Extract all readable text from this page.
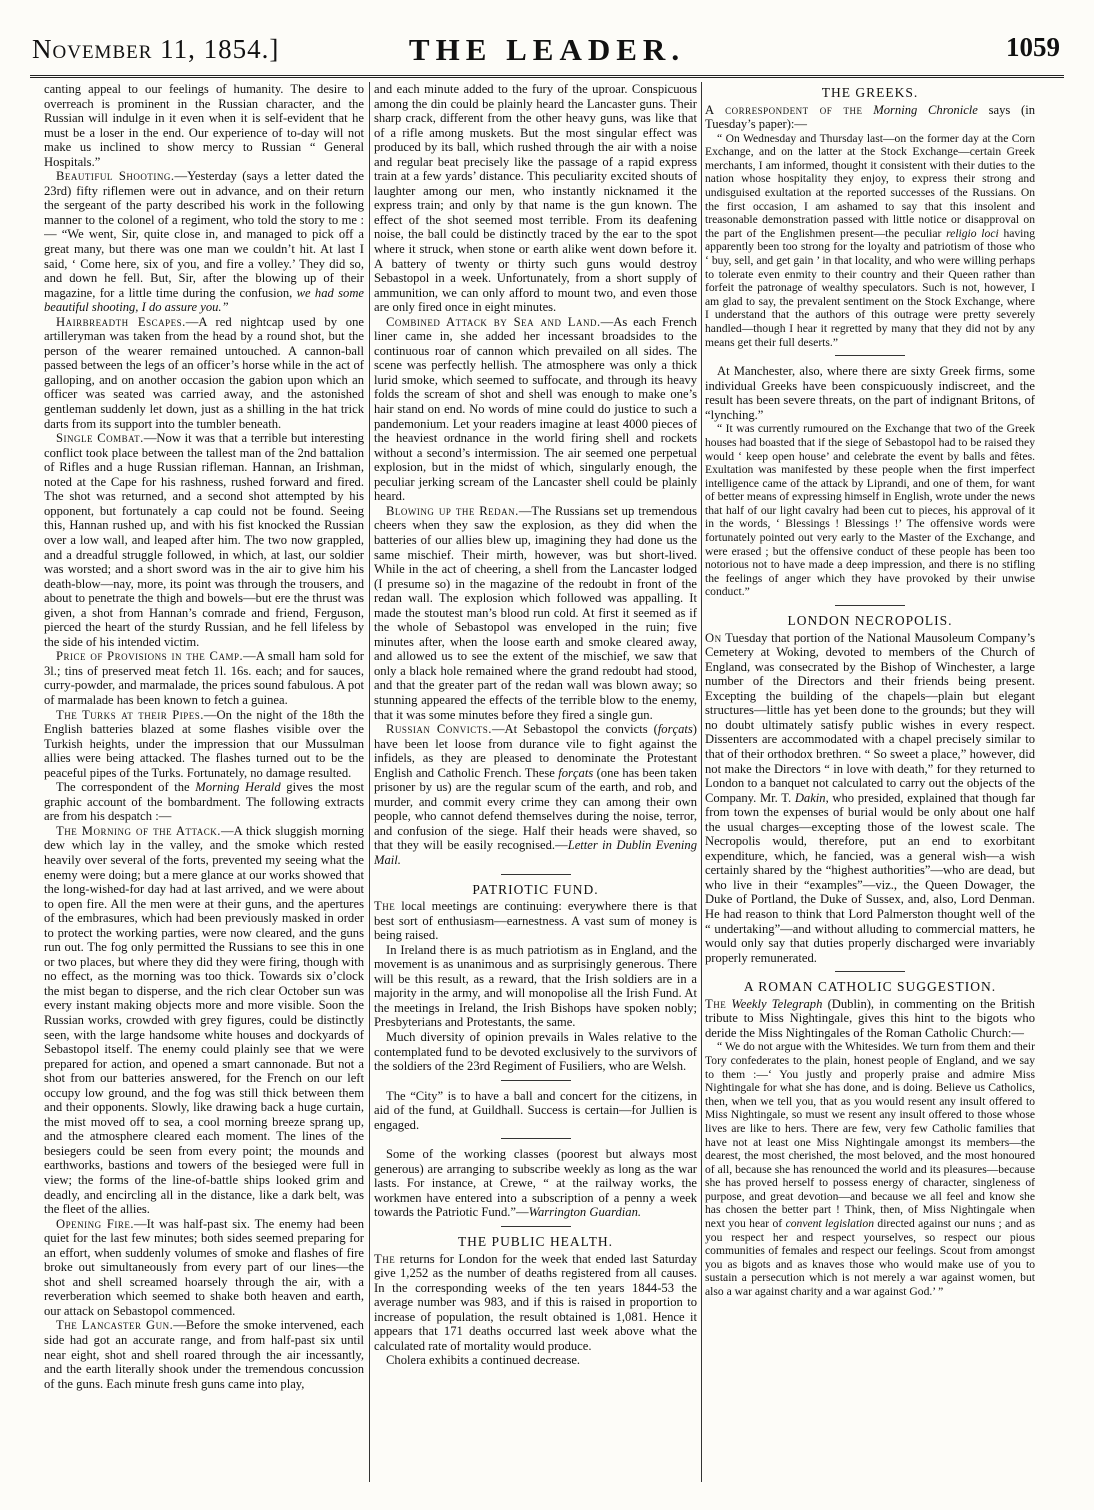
November 11, 1854.]	THE LEADER.	1059

canting appeal to our feelings of humanity. The desire to overreach is prominent in the Russian character, and the Russian will indulge in it even when it is self-evident that he must be a loser in the end. Our experience of to-day will not make us inclined to show mercy to Russian “ General Hospitals.”

Beautiful Shooting.—Yesterday (says a letter dated the 23rd) fifty riflemen were out in advance, and on their return the sergeant of the party described his work in the following manner to the colonel of a regiment, who told the story to me :— “We went, Sir, quite close in, and managed to pick off a great many, but there was one man we couldn’t hit. At last I said, ‘ Come here, six of you, and fire a volley.’ They did so, and down he fell. But, Sir, after the blowing up of their magazine, for a little time during the confusion, we had some beautiful shooting, I do assure you.”

Hairbreadth Escapes.—A red nightcap used by one artilleryman was taken from the head by a round shot, but the person of the wearer remained untouched. A cannon-ball passed between the legs of an officer’s horse while in the act of galloping, and on another occasion the gabion upon which an officer was seated was carried away, and the astonished gentleman suddenly let down, just as a shilling in the hat trick darts from its support into the tumbler beneath.

Single Combat.—Now it was that a terrible but interesting conflict took place between the tallest man of the 2nd battalion of Rifles and a huge Russian rifleman. Hannan, an Irishman, noted at the Cape for his rashness, rushed forward and fired. The shot was returned, and a second shot attempted by his opponent, but fortunately a cap could not be found. Seeing this, Hannan rushed up, and with his fist knocked the Russian over a low wall, and leaped after him. The two now grappled, and a dreadful struggle followed, in which, at last, our soldier was worsted; and a short sword was in the air to give him his death-blow—nay, more, its point was through the trousers, and about to penetrate the thigh and bowels—but ere the thrust was given, a shot from Hannan’s comrade and friend, Ferguson, pierced the heart of the sturdy Russian, and he fell lifeless by the side of his intended victim.

Price of Provisions in the Camp.—A small ham sold for 3l.; tins of preserved meat fetch 1l. 16s. each; and for sauces, curry-powder, and marmalade, the prices sound fabulous. A pot of marmalade has been known to fetch a guinea.

The Turks at their Pipes.—On the night of the 18th the English batteries blazed at some flashes visible over the Turkish heights, under the impression that our Mussulman allies were being attacked. The flashes turned out to be the peaceful pipes of the Turks. Fortunately, no damage resulted.

The correspondent of the Morning Herald gives the most graphic account of the bombardment. The following extracts are from his despatch :—

The Morning of the Attack.—A thick sluggish morning dew which lay in the valley, and the smoke which rested heavily over several of the forts, prevented my seeing what the enemy were doing; but a mere glance at our works showed that the long-wished-for day had at last arrived, and we were about to open fire. All the men were at their guns, and the apertures of the embrasures, which had been previously masked in order to protect the working parties, were now cleared, and the guns run out. The fog only permitted the Russians to see this in one or two places, but where they did they were firing, though with no effect, as the morning was too thick. Towards six o’clock the mist began to disperse, and the rich clear October sun was every instant making objects more and more visible. Soon the Russian works, crowded with grey figures, could be distinctly seen, with the large handsome white houses and dockyards of Sebastopol itself. The enemy could plainly see that we were prepared for action, and opened a smart cannonade. But not a shot from our batteries answered, for the French on our left occupy low ground, and the fog was still thick between them and their opponents. Slowly, like drawing back a huge curtain, the mist moved off to sea, a cool morning breeze sprang up, and the atmosphere cleared each moment. The lines of the besiegers could be seen from every point; the mounds and earthworks, bastions and towers of the besieged were full in view; the forms of the line-of-battle ships looked grim and deadly, and encircling all in the distance, like a dark belt, was the fleet of the allies.

Opening Fire.—It was half-past six. The enemy had been quiet for the last few minutes; both sides seemed preparing for an effort, when suddenly volumes of smoke and flashes of fire broke out simultaneously from every part of our lines—the shot and shell screamed hoarsely through the air, with a reverberation which seemed to shake both heaven and earth, our attack on Sebastopol commenced.

The Lancaster Gun.—Before the smoke intervened, each side had got an accurate range, and from half-past six until near eight, shot and shell roared through the air incessantly, and the earth literally shook under the tremendous concussion of the guns. Each minute fresh guns came into play,

and each minute added to the fury of the uproar. Conspicuous among the din could be plainly heard the Lancaster guns. Their sharp crack, different from the other heavy guns, was like that of a rifle among muskets. But the most singular effect was produced by its ball, which rushed through the air with a noise and regular beat precisely like the passage of a rapid express train at a few yards’ distance. This peculiarity excited shouts of laughter among our men, who instantly nicknamed it the express train; and only by that name is the gun known. The effect of the shot seemed most terrible. From its deafening noise, the ball could be distinctly traced by the ear to the spot where it struck, when stone or earth alike went down before it. A battery of twenty or thirty such guns would destroy Sebastopol in a week. Unfortunately, from a short supply of ammunition, we can only afford to mount two, and even those are only fired once in eight minutes.

Combined Attack by Sea and Land.—As each French liner came in, she added her incessant broadsides to the continuous roar of cannon which prevailed on all sides. The scene was perfectly hellish. The atmosphere was only a thick lurid smoke, which seemed to suffocate, and through its heavy folds the scream of shot and shell was enough to make one’s hair stand on end. No words of mine could do justice to such a pandemonium. Let your readers imagine at least 4000 pieces of the heaviest ordnance in the world firing shell and rockets without a second’s intermission. The air seemed one perpetual explosion, but in the midst of which, singularly enough, the peculiar jerking scream of the Lancaster shell could be plainly heard.

Blowing up the Redan.—The Russians set up tremendous cheers when they saw the explosion, as they did when the batteries of our allies blew up, imagining they had done us the same mischief. Their mirth, however, was but short-lived. While in the act of cheering, a shell from the Lancaster lodged (I presume so) in the magazine of the redoubt in front of the redan wall. The explosion which followed was appalling. It made the stoutest man’s blood run cold. At first it seemed as if the whole of Sebastopol was enveloped in the ruin; five minutes after, when the loose earth and smoke cleared away, and allowed us to see the extent of the mischief, we saw that only a black hole remained where the grand redoubt had stood, and that the greater part of the redan wall was blown away; so stunning appeared the effects of the terrible blow to the enemy, that it was some minutes before they fired a single gun.

Russian Convicts.—At Sebastopol the convicts (forçats) have been let loose from durance vile to fight against the infidels, as they are pleased to denominate the Protestant English and Catholic French. These forçats (one has been taken prisoner by us) are the regular scum of the earth, and rob, and murder, and commit every crime they can among their own people, who cannot defend themselves during the noise, terror, and confusion of the siege. Half their heads were shaved, so that they will be easily recognised.—Letter in Dublin Evening Mail.

PATRIOTIC FUND.

The local meetings are continuing: everywhere there is that best sort of enthusiasm—earnestness. A vast sum of money is being raised.

In Ireland there is as much patriotism as in England, and the movement is as unanimous and as surprisingly generous. There will be this result, as a reward, that the Irish soldiers are in a majority in the army, and will monopolise all the Irish Fund. At the meetings in Ireland, the Irish Bishops have spoken nobly; Presbyterians and Protestants, the same.

Much diversity of opinion prevails in Wales relative to the contemplated fund to be devoted exclusively to the survivors of the soldiers of the 23rd Regiment of Fusiliers, who are Welsh.

The “City” is to have a ball and concert for the citizens, in aid of the fund, at Guildhall. Success is certain—for Jullien is engaged.

Some of the working classes (poorest but always most generous) are arranging to subscribe weekly as long as the war lasts. For instance, at Crewe, “ at the railway works, the workmen have entered into a subscription of a penny a week towards the Patriotic Fund.”—Warrington Guardian.

THE PUBLIC HEALTH.

The returns for London for the week that ended last Saturday give 1,252 as the number of deaths registered from all causes. In the corresponding weeks of the ten years 1844-53 the average number was 983, and if this is raised in proportion to increase of population, the result obtained is 1,081. Hence it appears that 171 deaths occurred last week above what the calculated rate of mortality would produce.

Cholera exhibits a continued decrease.

THE GREEKS.

A correspondent of the Morning Chronicle says (in Tuesday’s paper):—

“ On Wednesday and Thursday last—on the former day at the Corn Exchange, and on the latter at the Stock Exchange—certain Greek merchants, I am informed, thought it consistent with their duties to the nation whose hospitality they enjoy, to express their strong and undisguised exultation at the reported successes of the Russians. On the first occasion, I am ashamed to say that this insolent and treasonable demonstration passed with little notice or disapproval on the part of the Englishmen present—the peculiar religio loci having apparently been too strong for the loyalty and patriotism of those who ‘ buy, sell, and get gain ’ in that locality, and who were willing perhaps to tolerate even enmity to their country and their Queen rather than forfeit the patronage of wealthy speculators. Such is not, however, I am glad to say, the prevalent sentiment on the Stock Exchange, where I understand that the authors of this outrage were pretty severely handled—though I hear it regretted by many that they did not by any means get their full deserts.”

At Manchester, also, where there are sixty Greek firms, some individual Greeks have been conspicuously indiscreet, and the result has been severe threats, on the part of indignant Britons, of “lynching.”

“ It was currently rumoured on the Exchange that two of the Greek houses had boasted that if the siege of Sebastopol had to be raised they would ‘ keep open house’ and celebrate the event by balls and fêtes. Exultation was manifested by these people when the first imperfect intelligence came of the attack by Liprandi, and one of them, for want of better means of expressing himself in English, wrote under the news that half of our light cavalry had been cut to pieces, his approval of it in the words, ‘ Blessings ! Blessings !’ The offensive words were fortunately pointed out very early to the Master of the Exchange, and were erased ; but the offensive conduct of these people has been too notorious not to have made a deep impression, and there is no stifling the feelings of anger which they have provoked by their unwise conduct.”

LONDON NECROPOLIS.

On Tuesday that portion of the National Mausoleum Company’s Cemetery at Woking, devoted to members of the Church of England, was consecrated by the Bishop of Winchester, a large number of the Directors and their friends being present. Excepting the building of the chapels—plain but elegant structures—little has yet been done to the grounds; but they will no doubt ultimately satisfy public wishes in every respect. Dissenters are accommodated with a chapel precisely similar to that of their orthodox brethren. “ So sweet a place,” however, did not make the Directors “ in love with death,” for they returned to London to a banquet not calculated to carry out the objects of the Company. Mr. T. Dakin, who presided, explained that though far from town the expenses of burial would be only about one half the usual charges—excepting those of the lowest scale. The Necropolis would, therefore, put an end to exorbitant expenditure, which, he fancied, was a general wish—a wish certainly shared by the “highest authorities”—who are dead, but who live in their “examples”—viz., the Queen Dowager, the Duke of Portland, the Duke of Sussex, and, also, Lord Denman. He had reason to think that Lord Palmerston thought well of the “ undertaking”—and without alluding to commercial matters, he would only say that duties properly discharged were invariably properly remunerated.

A ROMAN CATHOLIC SUGGESTION.

The Weekly Telegraph (Dublin), in commenting on the British tribute to Miss Nightingale, gives this hint to the bigots who deride the Miss Nightingales of the Roman Catholic Church:—

“ We do not argue with the Whitesides. We turn from them and their Tory confederates to the plain, honest people of England, and we say to them :—‘ You justly and properly praise and admire Miss Nightingale for what she has done, and is doing. Believe us Catholics, then, when we tell you, that as you would resent any insult offered to Miss Nightingale, so must we resent any insult offered to those whose lives are like to hers. There are few, very few Catholic families that have not at least one Miss Nightingale amongst its members—the dearest, the most cherished, the most beloved, and the most honoured of all, because she has renounced the world and its pleasures—because she has proved herself to possess energy of character, singleness of purpose, and great devotion—and because we all feel and know she has chosen the better part ! Think, then, of Miss Nightingale when next you hear of convent legislation directed against our nuns ; and as you respect her and respect yourselves, so respect our pious communities of females and respect our feelings. Scout from amongst you as bigots and as knaves those who would make use of you to sustain a persecution which is not merely a war against women, but also a war against charity and a war against God.’ ”
